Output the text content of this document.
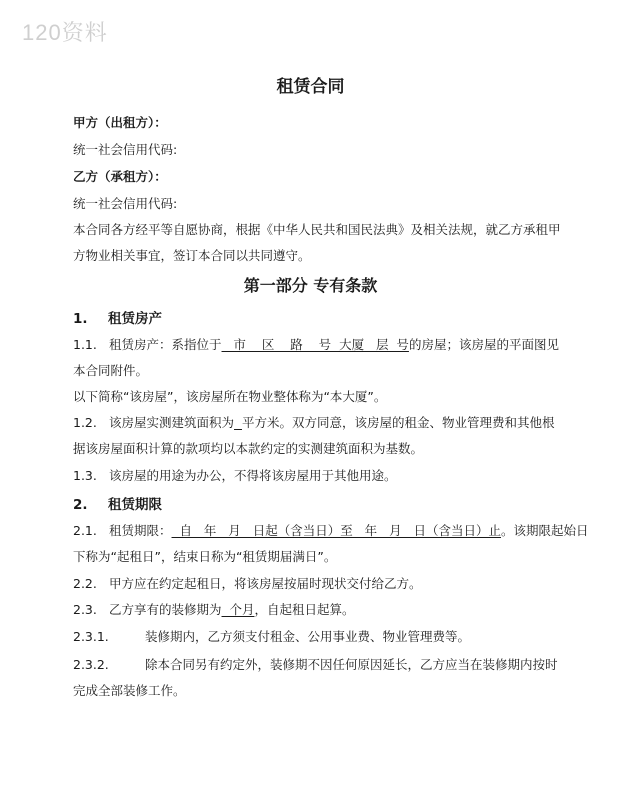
120资料
租赁合同
甲方（出租方）：
统一社会信用代码:
乙方（承租方）：
统一社会信用代码:
本合同各方经平等自愿协商，根据《中华人民共和国民法典》及相关法规，就乙方承租甲
方物业相关事宜，签订本合同以共同遵守。
第一部分 专有条款
1. 租赁房产
1.1. 租赁房产：系指位于   市    区    路    号  大厦   层  号的房屋；该房屋的平面图见
本合同附件。
以下简称“该房屋”，该房屋所在物业整体称为“本大厦”。
1.2. 该房屋实测建筑面积为 平方米。双方同意，该房屋的租金、物业管理费和其他根
据该房屋面积计算的款项均以本款约定的实测建筑面积为基数。
1.3. 该房屋的用途为办公，不得将该房屋用于其他用途。
2. 租赁期限
2.1. 租赁期限：  自   年   月   日起（含当日）至   年   月   日（含当日）止。该期限起始日
下称为“起租日”，结束日称为“租赁期届满日”。
2.2. 甲方应在约定起租日，将该房屋按届时现状交付给乙方。
2.3. 乙方享有的装修期为  个月，自起租日起算。
2.3.1.	装修期内，乙方须支付租金、公用事业费、物业管理费等。
2.3.2.	除本合同另有约定外，装修期不因任何原因延长，乙方应当在装修期内按时
完成全部装修工作。
